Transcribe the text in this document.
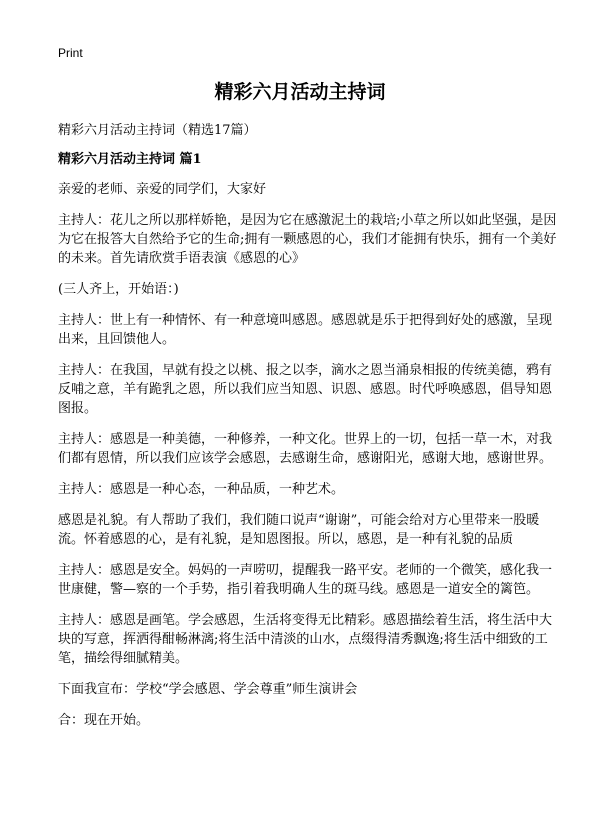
Print
精彩六月活动主持词

精彩六月活动主持词（精选17篇）

精彩六月活动主持词 篇1

亲爱的老师、亲爱的同学们，大家好

主持人：花儿之所以那样娇艳，是因为它在感激泥土的栽培;小草之所以如此坚强，是因为它在报答大自然给予它的生命;拥有一颗感恩的心，我们才能拥有快乐，拥有一个美好的未来。首先请欣赏手语表演《感恩的心》

(三人齐上，开始语：)

主持人：世上有一种情怀、有一种意境叫感恩。感恩就是乐于把得到好处的感激，呈现出来，且回馈他人。

主持人：在我国，早就有投之以桃、报之以李，滴水之恩当涌泉相报的传统美德，鸦有反哺之意，羊有跪乳之恩，所以我们应当知恩、识恩、感恩。时代呼唤感恩，倡导知恩图报。

主持人：感恩是一种美德，一种修养，一种文化。世界上的一切，包括一草一木，对我们都有恩情，所以我们应该学会感恩，去感谢生命，感谢阳光，感谢大地，感谢世界。

主持人：感恩是一种心态，一种品质，一种艺术。

感恩是礼貌。有人帮助了我们，我们随口说声“谢谢”，可能会给对方心里带来一股暖流。怀着感恩的心，是有礼貌，是知恩图报。所以，感恩，是一种有礼貌的品质

主持人：感恩是安全。妈妈的一声唠叨，提醒我一路平安。老师的一个微笑，感化我一世康健，警—察的一个手势，指引着我明确人生的斑马线。感恩是一道安全的篱笆。

主持人：感恩是画笔。学会感恩，生活将变得无比精彩。感恩描绘着生活，将生活中大块的写意，挥洒得酣畅淋漓;将生活中清淡的山水，点缀得清秀飘逸;将生活中细致的工笔，描绘得细腻精美。

下面我宣布：学校“学会感恩、学会尊重”师生演讲会

合：现在开始。
